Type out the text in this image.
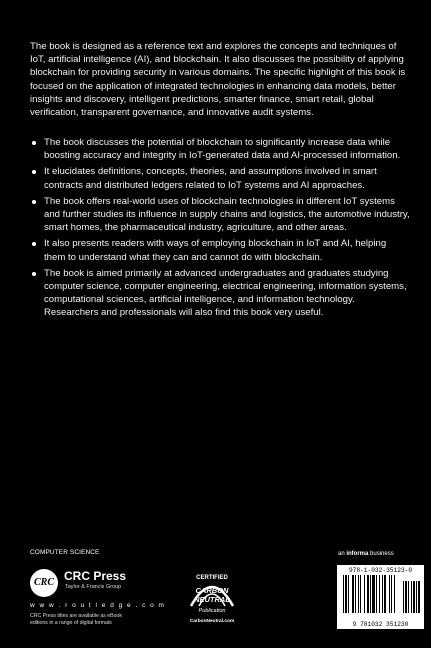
The book is designed as a reference text and explores the concepts and techniques of IoT, artificial intelligence (AI), and blockchain. It also discusses the possibility of applying blockchain for providing security in various domains. The specific highlight of this book is focused on the application of integrated technologies in enhancing data models, better insights and discovery, intelligent predictions, smarter finance, smart retail, global verification, transparent governance, and innovative audit systems.

The book discusses the potential of blockchain to significantly increase data while boosting accuracy and integrity in IoT-generated data and AI-processed information.
It elucidates definitions, concepts, theories, and assumptions involved in smart contracts and distributed ledgers related to IoT systems and AI approaches.
The book offers real-world uses of blockchain technologies in different IoT systems and further studies its influence in supply chains and logistics, the automotive industry, smart homes, the pharmaceutical industry, agriculture, and other areas.
It also presents readers with ways of employing blockchain in IoT and AI, helping them to understand what they can and cannot do with blockchain.
The book is aimed primarily at advanced undergraduates and graduates studying computer science, computer engineering, electrical engineering, information systems, computational sciences, artificial intelligence, and information technology. Researchers and professionals will also find this book very useful.
COMPUTER SCIENCE
CRC CRC Press
Taylor & Francis Group
w w w . r o u t l e d g e . c o m
CRC Press titles are available as eBook editions in a range of digital formats
CERTIFIED
CARBON
NEUTRAL
Publication
CarbonNeutral.com
an informa business
978-1-032-35123-0
9 781032 351230
